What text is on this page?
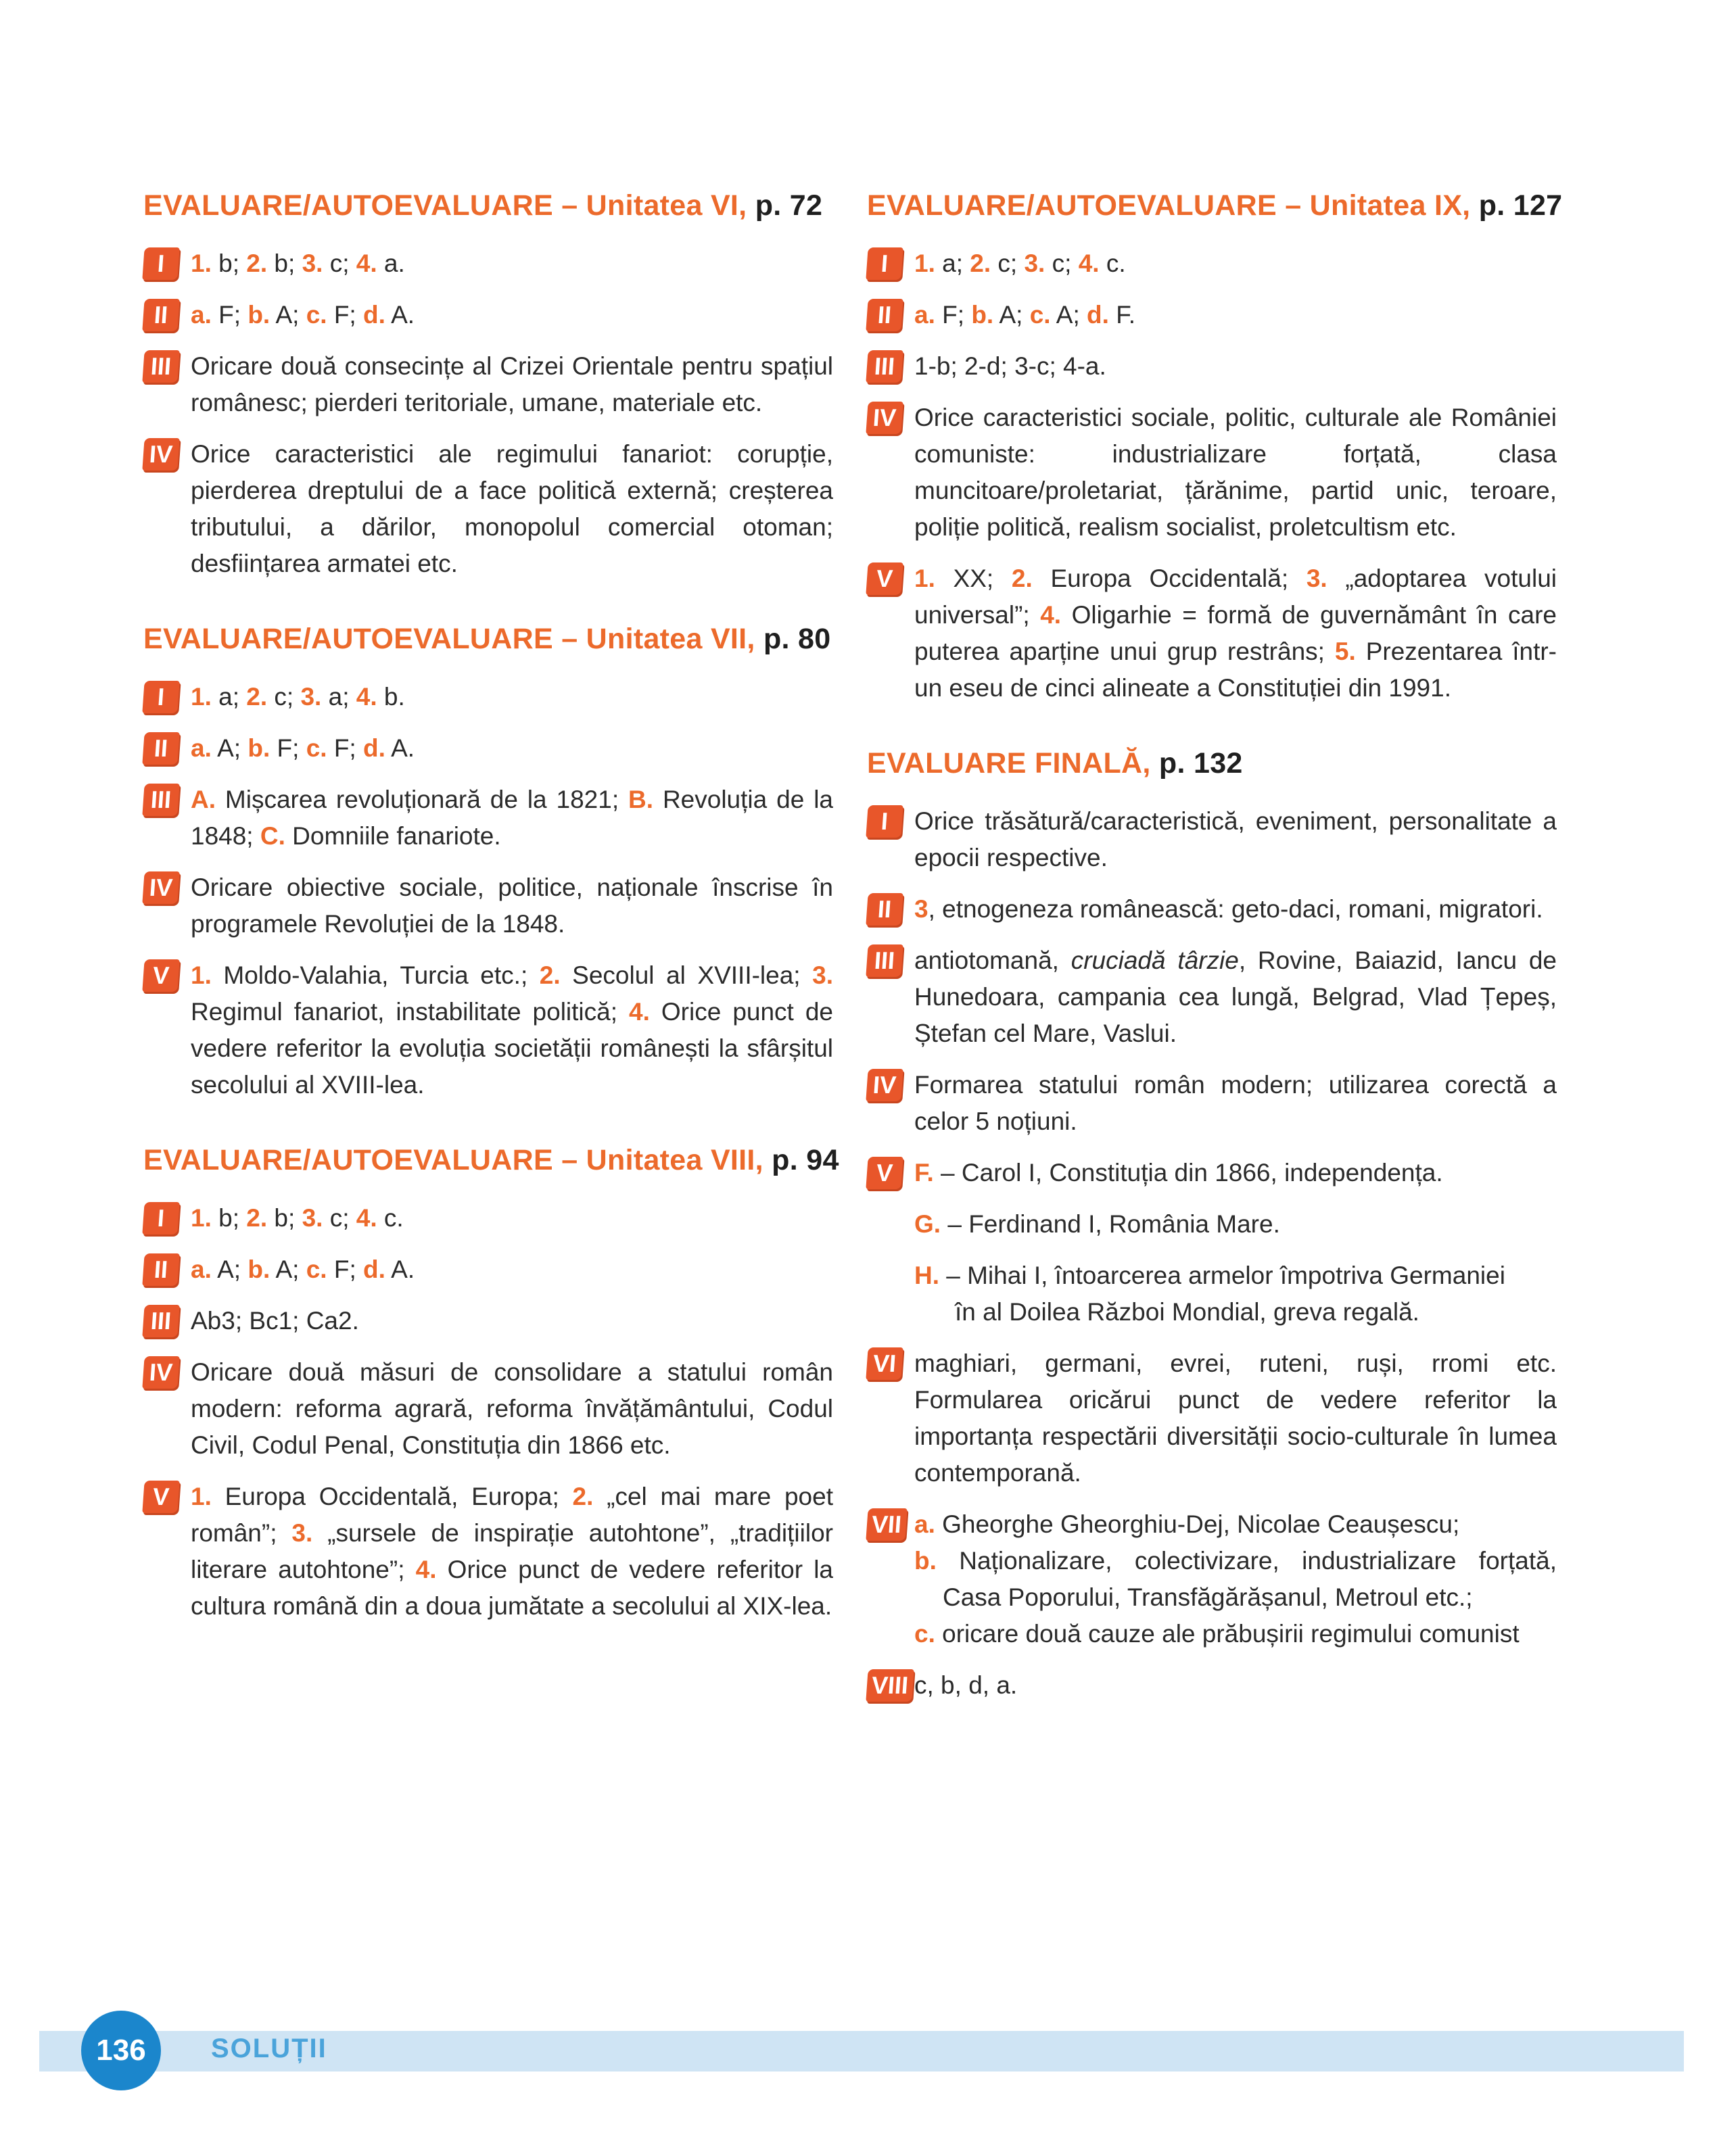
EVALUARE/AUTOEVALUARE – Unitatea VI, p. 72
I	1. b; 2. b; 3. c; 4. a.
II a. F; b. A; c. F; d. A.
III Oricare două consecințe al Crizei Orientale pentru spațiul românesc; pierderi teritoriale, umane, materiale etc.
IV Orice caracteristici ale regimului fanariot: corupție, pierderea dreptului de a face politică externă; creșterea tributului, a dărilor, monopolul comercial otoman; desființarea armatei etc.
EVALUARE/AUTOEVALUARE – Unitatea VII, p. 80
I	1. a; 2. c; 3. a; 4. b.
II a. A; b. F; c. F; d. A.
III A. Mișcarea revoluționară de la 1821; B. Revoluția de la 1848; C. Domniile fanariote.
IV Oricare obiective sociale, politice, naționale înscrise în programele Revoluției de la 1848.
V 1. Moldo-Valahia, Turcia etc.; 2. Secolul al XVIII-lea; 3. Regimul fanariot, instabilitate politică; 4. Orice punct de vedere referitor la evoluția societății românești la sfârșitul secolului al XVIII-lea.
EVALUARE/AUTOEVALUARE – Unitatea VIII, p. 94
I	1. b; 2. b; 3. c; 4. c.
II a. A; b. A; c. F; d. A.
III Ab3; Bc1; Ca2.
IV Oricare două măsuri de consolidare a statului român modern: reforma agrară, reforma învățământului, Codul Civil, Codul Penal, Constituția din 1866 etc.
V 1. Europa Occidentală, Europa; 2. „cel mai mare poet român”; 3. „sursele de inspirație autohtone”, „tradițiilor literare autohtone”; 4. Orice punct de vedere referitor la cultura română din a doua jumătate a secolului al XIX-lea.
EVALUARE/AUTOEVALUARE – Unitatea IX, p. 127
I	1. a; 2. c; 3. c; 4. c.
II a. F; b. A; c. A; d. F.
III 1-b; 2-d; 3-c; 4-a.
IV Orice caracteristici sociale, politic, culturale ale României comuniste: industrializare forțată, clasa muncitoare/proletariat, țărănime, partid unic, teroare, poliție politică, realism socialist, proletcultism etc.
V 1. XX; 2. Europa Occidentală; 3. „adoptarea votului universal”; 4. Oligarhie = formă de guvernământ în care puterea aparține unui grup restrâns; 5. Prezentarea într-un eseu de cinci alineate a Constituției din 1991.
EVALUARE FINALĂ, p. 132
I	Orice trăsătură/caracteristică, eveniment, personalitate a epocii respective.
II 3, etnogeneza românească: geto-daci, romani, migratori.
III antiotomană, cruciadă târzie, Rovine, Baiazid, Iancu de Hunedoara, campania cea lungă, Belgrad, Vlad Țepeș, Ștefan cel Mare, Vaslui.
IV Formarea statului român modern; utilizarea corectă a celor 5 noțiuni.
V F. – Carol I, Constituția din 1866, independența.
G. – Ferdinand I, România Mare.
H. – Mihai I, întoarcerea armelor împotriva Germaniei
în al Doilea Război Mondial, greva regală.
VI maghiari, germani, evrei, ruteni, ruși, rromi etc. Formularea oricărui punct de vedere referitor la importanța respectării diversității socio-culturale în lumea contemporană.
VII a. Gheorghe Gheorghiu-Dej, Nicolae Ceaușescu;
b. Naționalizare, colectivizare, industrializare forțată, Casa Poporului, Transfăgărășanul, Metroul etc.;
c. oricare două cauze ale prăbușirii regimului comunist
VIII c, b, d, a.
136	SOLUȚII
